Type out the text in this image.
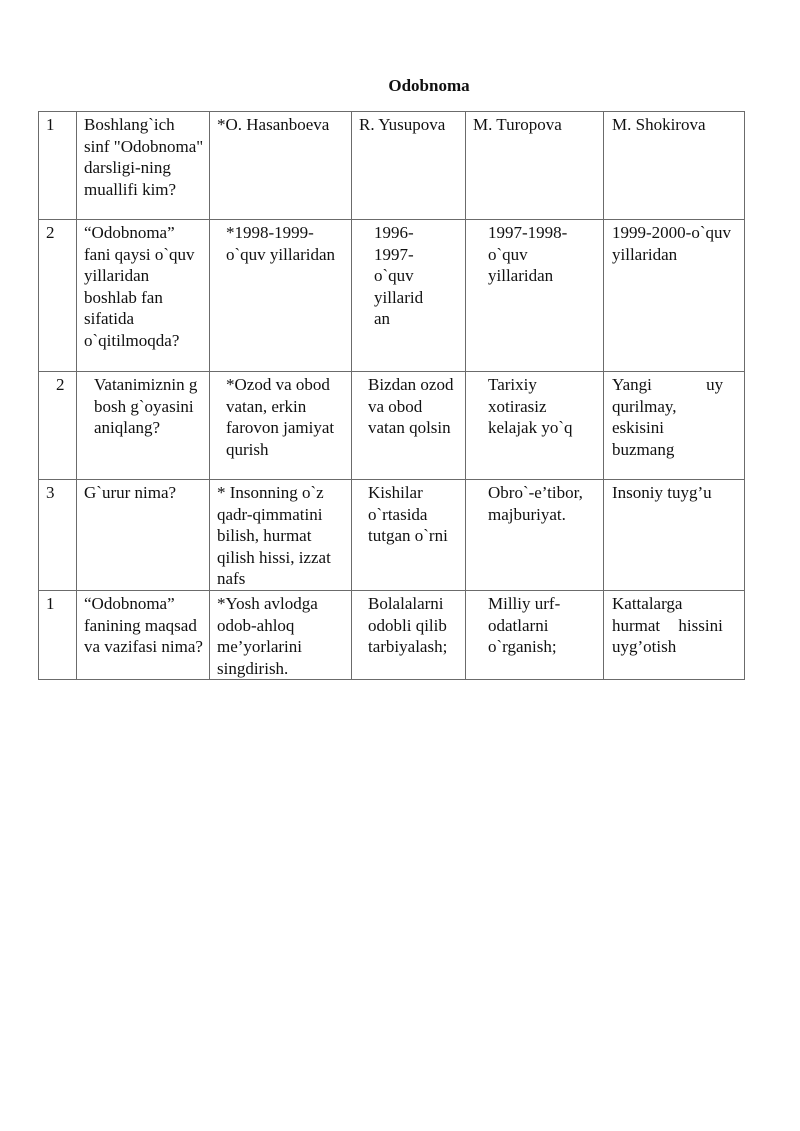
Odobnoma
1	Boshlang`ich sinf "Odobnoma" darsligi-ning muallifi kim?	*O. Hasanboeva	R. Yusupova	M. Turopova	M. Shokirova
2	“Odobnoma” fani qaysi o`quv yillaridan boshlab fan sifatida o`qitilmoqda?	*1998-1999-o`quv yillaridan	1996-1997-o`quv yillaridan	1997-1998-o`quv yillaridan	1999-2000-o`quv yillaridan
2	Vatanimiznin g bosh g`oyasini aniqlang?	*Ozod va obod vatan, erkin farovon jamiyat qurish	Bizdan ozod va obod vatan qolsin	Tarixiy xotirasiz kelajak yo`q	Yangi uy qurilmay, eskisini buzmang
3	G`urur nima?	* Insonning o`z qadr-qimmatini bilish, hurmat qilish hissi, izzat nafs	Kishilar o`rtasida tutgan o`rni	Obro`-e’tibor, majburiyat.	Insoniy tuyg’u
1	“Odobnoma” fanining maqsad va vazifasi nima?	*Yosh avlodga odob-ahloq me’yorlarini singdirish.	Bolalalarni odobli qilib tarbiyalash;	Milliy urf-odatlarni o`rganish;	Kattalarga hurmat hissini uyg’otish
